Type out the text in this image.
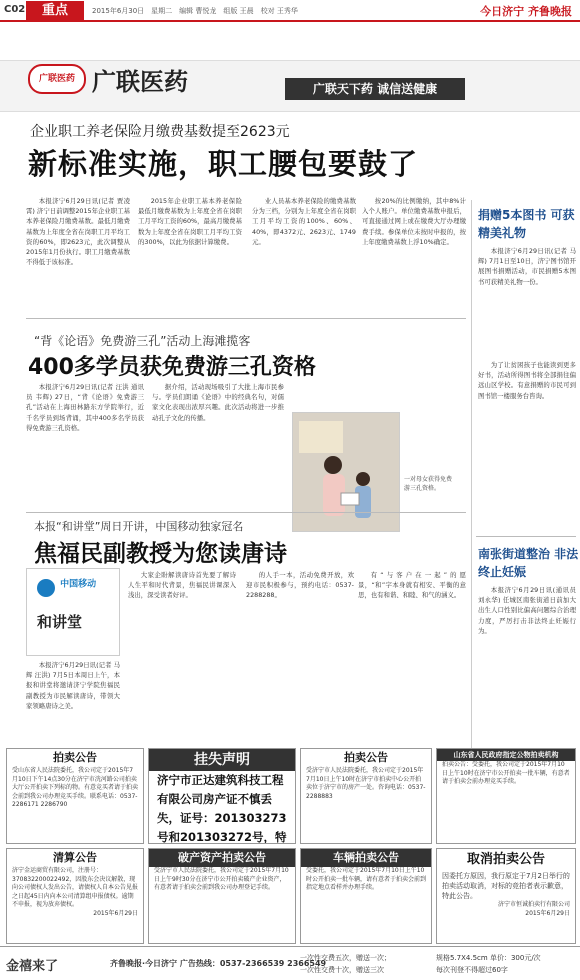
C02	重点	2015年6月30日　星期二　编辑 曹悦龙　组版 王晨　校对 王秀华	今日济宁 齐鲁晚报
广联医药 广联医药	广联天下药 诚信送健康
企业职工养老保险月缴费基数提至2623元
新标准实施，职工腰包要鼓了

本报济宁6月29日讯(记者 贾凌霄) 济宁日前调整2015年企业职工基本养老保险月缴费基数。最低月缴费基数为上年度全省在岗职工月平均工资的60%，即2623元，此次调整从2015年1月份执行。职工月缴费基数不得低于该标准。

2015年企业职工基本养老保险最低月缴费基数为上年度全省在岗职工月平均工资的60%，最高月缴费基数为上年度全省在岗职工月平均工资的300%，以此为依据计算缴费。

业人员基本养老保险的缴费基数分为三档，分别为上年度全省在岗职工月平均工资的100%、60%、40%，即4372元、2623元、1749元。

按20%的比例缴纳，其中8%计入个人账户。单位缴费基数申报后，可直接通过网上或在缴费大厅办理缴费手续。参保单位未按时申报的，按上年度缴费基数上浮10%确定。

捐赠5本图书 可获精美礼物

本报济宁6月29日讯(记者 马辉) 7月1日至10日，济宁图书馆开展图书捐赠活动，市民捐赠5本图书可获精美礼物一份。

为了让贫困孩子也能读到更多好书，活动所得图书将全部捐往偏远山区学校。有意捐赠的市民可到图书馆一楼服务台咨询。

南张街道整治 非法终止妊娠

本报济宁6月29日讯(通讯员 刘永华) 任城区南张街道日前加大出生人口性别比偏高问题综合治理力度，严厉打击非法终止妊娠行为。

“背《论语》免费游三孔”活动上海滩揽客
400多学员获免费游三孔资格

本报济宁6月29日讯(记者 汪洪 通讯员 韦辉) 27日，“背《论语》免费游三孔”活动在上海田林路东方学院举行，近千名学员到场背诵，其中400多名学员获得免费游三孔资格。

据介绍，活动现场吸引了大批上海市民参与。学员们朗诵《论语》中的经典名句，对儒家文化表现出浓厚兴趣。此次活动将进一步推动孔子文化的传播。

一对母女获得免费游三孔资格。
本报“和讲堂”周日开讲，中国移动独家冠名
焦福民副教授为您读唐诗
中国移动
和讲堂

本报济宁6月29日讯(记者 马辉 汪洪) 7月5日本周日上午，本报和讲堂将邀请济宁学院焦福民副教授为市民解读唐诗，带领大家领略唐诗之美。

大家企盼解读唐诗首先要了解诗人生平和时代背景，焦福民讲课深入浅出，深受读者好评。

的人手一本，活动免费开放，欢迎市民积极参与，预约电话：0537-2288288。

有“与客户在一起”的愿景，“和”字本身就有相安、平衡的意思，也有和谐、和睦、和气的涵义。

拍卖公告
受山东省人民法院委托，我公司定于2015年7月10日下午14点30分在济宁市洸河路公司拍卖大厅公开拍卖下列标的物。有意竞买者请于拍卖会前到我公司办理竞买手续。联系电话：0537-2286171 2286790
挂失声明
济宁市正达建筑科技工程有限公司房产证不慎丢失，证号：201303273号和201303272号，特
拍卖公告
受济宁市人民法院委托，我公司定于2015年7月10日上午10时在济宁市拍卖中心公开拍卖位于济宁市的房产一处。咨询电话：0537-2288883
山东省人民政府指定公物拍卖机构
拍卖公告：受委托，我公司定于2015年7月10日上午10时在济宁市公开拍卖一批车辆，有意者请于拍卖会前办理竞买手续。
清算公告
济宁金运商贸有限公司，注册号：370832200022492，因股东会决议解散，现向公司债权人发出公告，请债权人自本公告见报之日起45日内向本公司清算组申报债权。逾期不申报，视为放弃债权。
2015年6月29日
破产资产拍卖公告
受济宁市人民法院委托，我公司定于2015年7月10日上午9时30分在济宁市公开拍卖破产企业资产，有意者请于拍卖会前到我公司办理登记手续。
车辆拍卖公告
受委托，我公司定于2015年7月10日上午10时公开拍卖一批车辆，请有意者于拍卖会前到指定地点看样并办理手续。
取消拍卖公告
因委托方原因，我行原定于7月2日举行的拍卖活动取消，对标的竞拍者表示歉意，特此公告。
济宁市恒诚拍卖行有限公司
2015年6月29日
金禧来了	齐鲁晚报·今日济宁 广告热线：0537-2366539 2366549
一次性交费五次，赠送一次；
一次性交费十次，赠送三次
规格5.7X4.5cm 单价：300元/次
每次刊登不得超过60字
